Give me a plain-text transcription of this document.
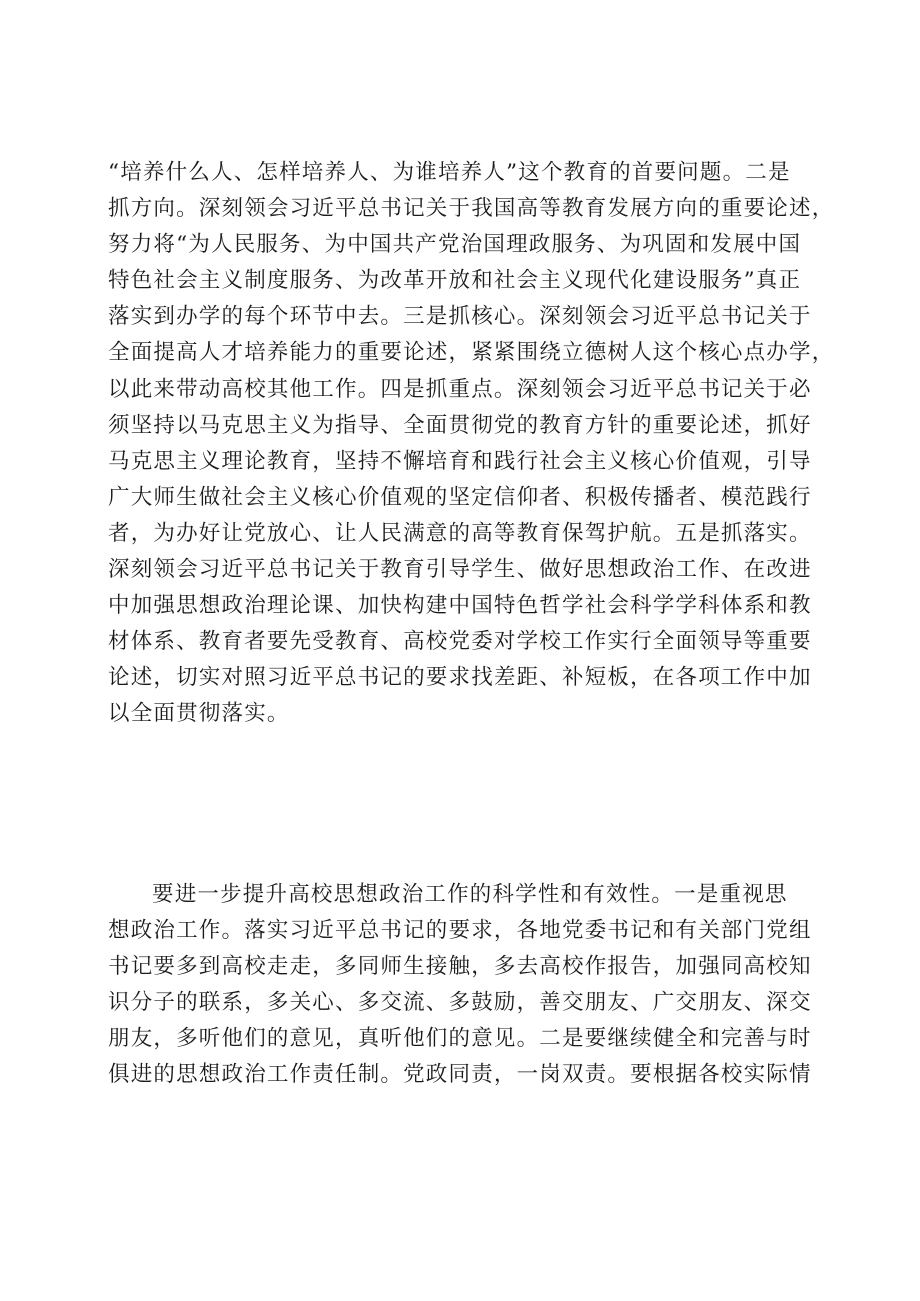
“培养什么人、怎样培养人、为谁培养人”这个教育的首要问题。二是
抓方向。深刻领会习近平总书记关于我国高等教育发展方向的重要论述，
努力将“为人民服务、为中国共产党治国理政服务、为巩固和发展中国
特色社会主义制度服务、为改革开放和社会主义现代化建设服务”真正
落实到办学的每个环节中去。三是抓核心。深刻领会习近平总书记关于
全面提高人才培养能力的重要论述，紧紧围绕立德树人这个核心点办学，
以此来带动高校其他工作。四是抓重点。深刻领会习近平总书记关于必
须坚持以马克思主义为指导、全面贯彻党的教育方针的重要论述，抓好
马克思主义理论教育，坚持不懈培育和践行社会主义核心价值观，引导
广大师生做社会主义核心价值观的坚定信仰者、积极传播者、模范践行
者，为办好让党放心、让人民满意的高等教育保驾护航。五是抓落实。
深刻领会习近平总书记关于教育引导学生、做好思想政治工作、在改进
中加强思想政治理论课、加快构建中国特色哲学社会科学学科体系和教
材体系、教育者要先受教育、高校党委对学校工作实行全面领导等重要
论述，切实对照习近平总书记的要求找差距、补短板，在各项工作中加
以全面贯彻落实。
要进一步提升高校思想政治工作的科学性和有效性。一是重视思
想政治工作。落实习近平总书记的要求，各地党委书记和有关部门党组
书记要多到高校走走，多同师生接触，多去高校作报告，加强同高校知
识分子的联系，多关心、多交流、多鼓励，善交朋友、广交朋友、深交
朋友，多听他们的意见，真听他们的意见。二是要继续健全和完善与时
俱进的思想政治工作责任制。党政同责，一岗双责。要根据各校实际情
